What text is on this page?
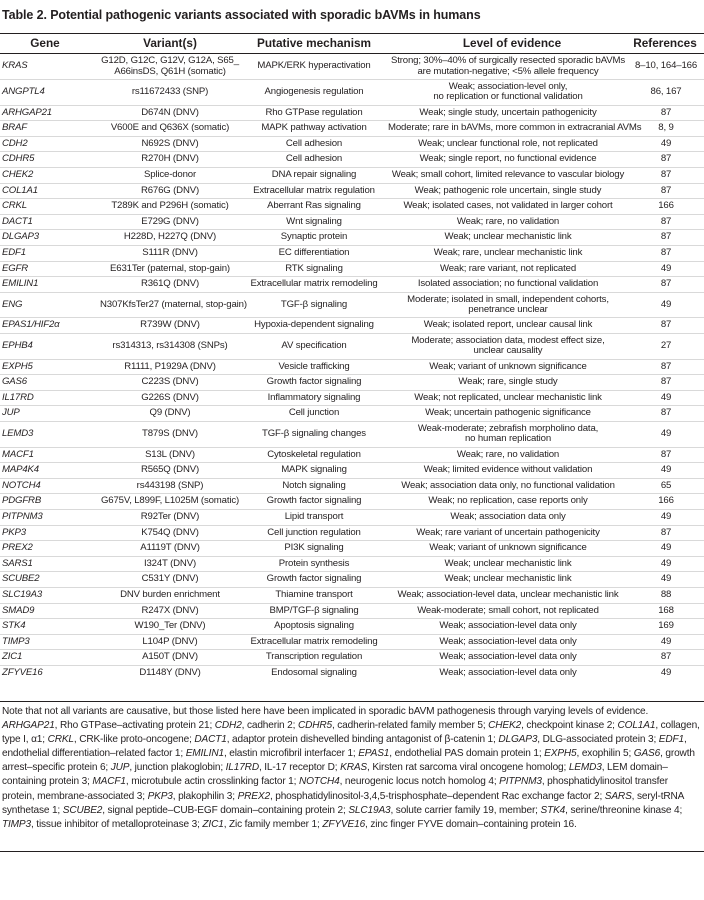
Table 2. Potential pathogenic variants associated with sporadic bAVMs in humans
Gene	Variant(s)	Putative mechanism	Level of evidence	References
KRAS	G12D, G12C, G12V, G12A, S65_
A66insDS, Q61H (somatic)	MAPK/ERK hyperactivation	Strong; 30%–40% of surgically resected sporadic bAVMs
are mutation-negative; <5% allele frequency	8–10, 164–166
ANGPTL4	rs11672433 (SNP)	Angiogenesis regulation	Weak; association-level only,
no replication or functional validation	86, 167
ARHGAP21	D674N (DNV)	Rho GTPase regulation	Weak; single study, uncertain pathogenicity	87
BRAF	V600E and Q636X (somatic)	MAPK pathway activation	Moderate; rare in bAVMs, more common in extracranial AVMs	8, 9
CDH2	N692S (DNV)	Cell adhesion	Weak; unclear functional role, not replicated	49
CDHR5	R270H (DNV)	Cell adhesion	Weak; single report, no functional evidence	87
CHEK2	Splice-donor	DNA repair signaling	Weak; small cohort, limited relevance to vascular biology	87
COL1A1	R676G (DNV)	Extracellular matrix regulation	Weak; pathogenic role uncertain, single study	87
CRKL	T289K and P296H (somatic)	Aberrant Ras signaling	Weak; isolated cases, not validated in larger cohort	166
DACT1	E729G (DNV)	Wnt signaling	Weak; rare, no validation	87
DLGAP3	H228D, H227Q (DNV)	Synaptic protein	Weak; unclear mechanistic link	87
EDF1	S111R (DNV)	EC differentiation	Weak; rare, unclear mechanistic link	87
EGFR	E631Ter (paternal, stop-gain)	RTK signaling	Weak; rare variant, not replicated	49
EMILIN1	R361Q (DNV)	Extracellular matrix remodeling	Isolated association; no functional validation	87
ENG	N307KfsTer27 (maternal, stop-gain)	TGF-β signaling	Moderate; isolated in small, independent cohorts,
penetrance unclear	49
EPAS1/HIF2α	R739W (DNV)	Hypoxia-dependent signaling	Weak; isolated report, unclear causal link	87
EPHB4	rs314313, rs314308 (SNPs)	AV specification	Moderate; association data, modest effect size,
unclear causality	27
EXPH5	R1111, P1929A (DNV)	Vesicle trafficking	Weak; variant of unknown significance	87
GAS6	C223S (DNV)	Growth factor signaling	Weak; rare, single study	87
IL17RD	G226S (DNV)	Inflammatory signaling	Weak; not replicated, unclear mechanistic link	49
JUP	Q9 (DNV)	Cell junction	Weak; uncertain pathogenic significance	87
LEMD3	T879S (DNV)	TGF-β signaling changes	Weak-moderate; zebrafish morpholino data,
no human replication	49
MACF1	S13L (DNV)	Cytoskeletal regulation	Weak; rare, no validation	87
MAP4K4	R565Q (DNV)	MAPK signaling	Weak; limited evidence without validation	49
NOTCH4	rs443198 (SNP)	Notch signaling	Weak; association data only, no functional validation	65
PDGFRB	G675V, L899F, L1025M (somatic)	Growth factor signaling	Weak; no replication, case reports only	166
PITPNM3	R92Ter (DNV)	Lipid transport	Weak; association data only	49
PKP3	K754Q (DNV)	Cell junction regulation	Weak; rare variant of uncertain pathogenicity	87
PREX2	A1119T (DNV)	PI3K signaling	Weak; variant of unknown significance	49
SARS1	I324T (DNV)	Protein synthesis	Weak; unclear mechanistic link	49
SCUBE2	C531Y (DNV)	Growth factor signaling	Weak; unclear mechanistic link	49
SLC19A3	DNV burden enrichment	Thiamine transport	Weak; association-level data, unclear mechanistic link	88
SMAD9	R247X (DNV)	BMP/TGF-β signaling	Weak-moderate; small cohort, not replicated	168
STK4	W190_Ter (DNV)	Apoptosis signaling	Weak; association-level data only	169
TIMP3	L104P (DNV)	Extracellular matrix remodeling	Weak; association-level data only	49
ZIC1	A150T (DNV)	Transcription regulation	Weak; association-level data only	87
ZFYVE16	D1148Y (DNV)	Endosomal signaling	Weak; association-level data only	49

Note that not all variants are causative, but those listed here have been implicated in sporadic bAVM pathogenesis through varying levels of evidence.

ARHGAP21, Rho GTPase–activating protein 21; CDH2, cadherin 2; CDHR5, cadherin-related family member 5; CHEK2, checkpoint kinase 2; COL1A1, collagen, type I, α1; CRKL, CRK-like proto-oncogene; DACT1, adaptor protein dishevelled binding antagonist of β-catenin 1; DLGAP3, DLG-associated protein 3; EDF1, endothelial differentiation–related factor 1; EMILIN1, elastin microfibril interfacer 1; EPAS1, endothelial PAS domain protein 1; EXPH5, exophilin 5; GAS6, growth arrest–specific protein 6; JUP, junction plakoglobin; IL17RD, IL-17 receptor D; KRAS, Kirsten rat sarcoma viral oncogene homolog; LEMD3, LEM domain–containing protein 3; MACF1, microtubule actin crosslinking factor 1; NOTCH4, neurogenic locus notch homolog 4; PITPNM3, phosphatidylinositol transfer protein, membrane-associated 3; PKP3, plakophilin 3; PREX2, phosphatidylinositol-3,4,5-trisphosphate–dependent Rac exchange factor 2; SARS, seryl-tRNA synthetase 1; SCUBE2, signal peptide–CUB-EGF domain–containing protein 2; SLC19A3, solute carrier family 19, member; STK4, serine/threonine kinase 4; TIMP3, tissue inhibitor of metalloproteinase 3; ZIC1, Zic family member 1; ZFYVE16, zinc finger FYVE domain–containing protein 16.
